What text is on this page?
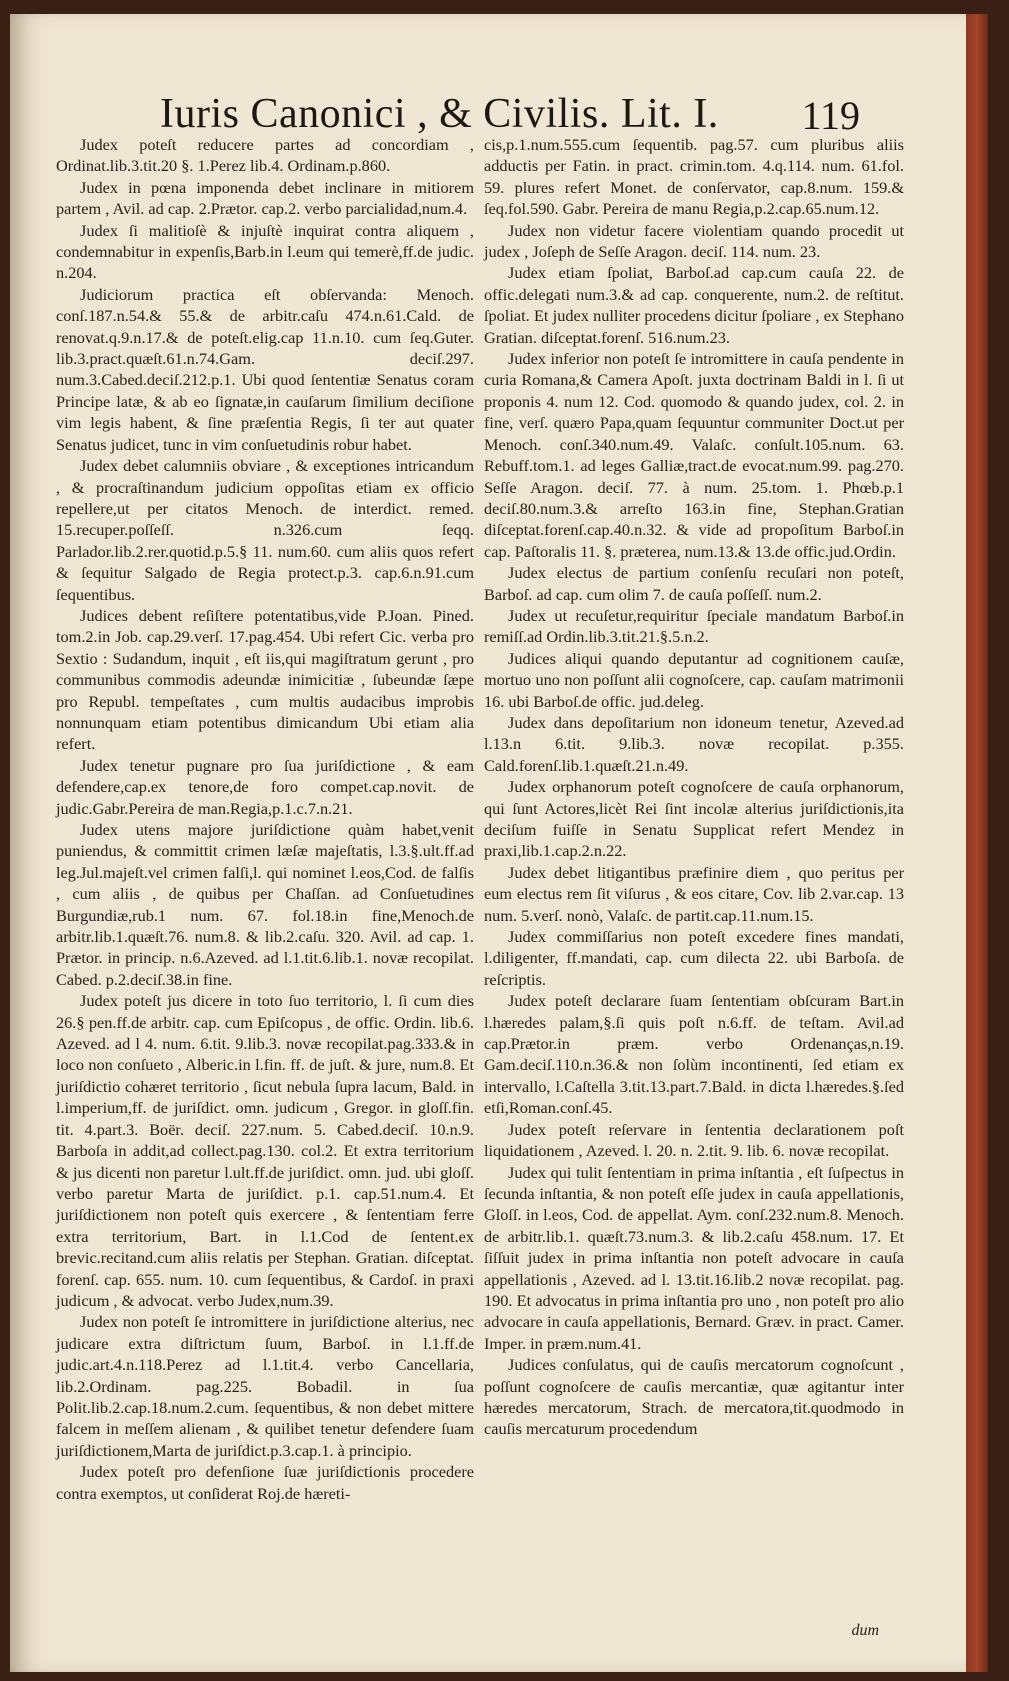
Iuris Canonici , & Civilis. Lit. I. 119

Judex poteſt reducere partes ad concordiam , Ordinat.lib.3.tit.20 §. 1.Perez lib.4. Ordinam.p.860.

Judex in pœna imponenda debet inclinare in mitiorem partem , Avil. ad cap. 2.Prætor. cap.2. verbo parcialidad,num.4.

Judex ſi malitioſè & injuſtè inquirat contra aliquem , condemnabitur in expenſis,Barb.in l.eum qui temerè,ff.de judic. n.204.

Judiciorum practica eſt obſervanda: Menoch. conſ.187.n.54.& 55.& de arbitr.caſu 474.n.61.Cald. de renovat.q.9.n.17.& de poteſt.elig.cap 11.n.10. cum ſeq.Guter. lib.3.pract.quæſt.61.n.74.Gam. deciſ.297. num.3.Cabed.deciſ.212.p.1. Ubi quod ſententiæ Senatus coram Principe latæ, & ab eo ſignatæ,in cauſarum ſimilium deciſione vim legis habent, & ſine præſentia Regis, ſi ter aut quater Senatus judicet, tunc in vim conſuetudinis robur habet.

Judex debet calumniis obviare , & exceptiones intricandum , & procraſtinandum judicium oppoſitas etiam ex officio repellere,ut per citatos Menoch. de interdict. remed. 15.recuper.poſſeſſ. n.326.cum ſeqq. Parlador.lib.2.rer.quotid.p.5.§ 11. num.60. cum aliis quos refert & ſequitur Salgado de Regia protect.p.3. cap.6.n.91.cum ſequentibus.

Judices debent reſiſtere potentatibus,vide P.Joan. Pined. tom.2.in Job. cap.29.verſ. 17.pag.454. Ubi refert Cic. verba pro Sextio : Sudandum, inquit , eſt iis,qui magiſtratum gerunt , pro communibus commodis adeundæ inimicitiæ , ſubeundæ ſæpe pro Republ. tempeſtates , cum multis audacibus improbis nonnunquam etiam potentibus dimicandum Ubi etiam alia refert.

Judex tenetur pugnare pro ſua juriſdictione , & eam defendere,cap.ex tenore,de foro compet.cap.novit. de judic.Gabr.Pereira de man.Regia,p.1.c.7.n.21.

Judex utens majore juriſdictione quàm habet,venit puniendus, & committit crimen læſæ majeſtatis, l.3.§.ult.ff.ad leg.Jul.majeſt.vel crimen falſi,l. qui nominet l.eos,Cod. de falſis , cum aliis , de quibus per Chaſſan. ad Conſuetudines Burgundiæ,rub.1 num. 67. fol.18.in fine,Menoch.de arbitr.lib.1.quæſt.76. num.8. & lib.2.caſu. 320. Avil. ad cap. 1. Prætor. in princip. n.6.Azeved. ad l.1.tit.6.lib.1. novæ recopilat. Cabed. p.2.deciſ.38.in fine.

Judex poteſt jus dicere in toto ſuo territorio, l. ſi cum dies 26.§ pen.ff.de arbitr. cap. cum Epiſcopus , de offic. Ordin. lib.6. Azeved. ad l 4. num. 6.tit. 9.lib.3. novæ recopilat.pag.333.& in loco non conſueto , Alberic.in l.fin. ff. de juſt. & jure, num.8. Et juriſdictio cohæret territorio , ſicut nebula ſupra lacum, Bald. in l.imperium,ff. de juriſdict. omn. judicum , Gregor. in gloſſ.fin. tit. 4.part.3. Boër. deciſ. 227.num. 5. Cabed.deciſ. 10.n.9. Barboſa in addit,ad collect.pag.130. col.2. Et extra territorium & jus dicenti non paretur l.ult.ff.de juriſdict. omn. jud. ubi gloſſ. verbo paretur Marta de juriſdict. p.1. cap.51.num.4. Et juriſdictionem non poteſt quis exercere , & ſententiam ferre extra territorium, Bart. in l.1.Cod de ſentent.ex brevic.recitand.cum aliis relatis per Stephan. Gratian. diſceptat. forenſ. cap. 655. num. 10. cum ſequentibus, & Cardoſ. in praxi judicum , & advocat. verbo Judex,num.39.

Judex non poteſt ſe intromittere in juriſdictione alterius, nec judicare extra diſtrictum ſuum, Barboſ. in l.1.ff.de judic.art.4.n.118.Perez ad l.1.tit.4. verbo Cancellaria, lib.2.Ordinam. pag.225. Bobadil. in ſua Polit.lib.2.cap.18.num.2.cum. ſequentibus, & non debet mittere falcem in meſſem alienam , & quilibet tenetur defendere ſuam juriſdictionem,Marta de juriſdict.p.3.cap.1. à principio.

Judex poteſt pro defenſione ſuæ juriſdictionis procedere contra exemptos, ut conſiderat Roj.de hæreti-

cis,p.1.num.555.cum ſequentib. pag.57. cum pluribus aliis adductis per Fatin. in pract. crimin.tom. 4.q.114. num. 61.fol. 59. plures refert Monet. de conſervator, cap.8.num. 159.& ſeq.fol.590. Gabr. Pereira de manu Regia,p.2.cap.65.num.12.

Judex non videtur facere violentiam quando procedit ut judex , Joſeph de Seſſe Aragon. deciſ. 114. num. 23.

Judex etiam ſpoliat, Barboſ.ad cap.cum cauſa 22. de offic.delegati num.3.& ad cap. conquerente, num.2. de reſtitut. ſpoliat. Et judex nulliter procedens dicitur ſpoliare , ex Stephano Gratian. diſceptat.forenſ. 516.num.23.

Judex inferior non poteſt ſe intromittere in cauſa pendente in curia Romana,& Camera Apoſt. juxta doctrinam Baldi in l. ſi ut proponis 4. num 12. Cod. quomodo & quando judex, col. 2. in fine, verſ. quæro Papa,quam ſequuntur communiter Doct.ut per Menoch. conſ.340.num.49. Valaſc. conſult.105.num. 63. Rebuff.tom.1. ad leges Galliæ,tract.de evocat.num.99. pag.270. Seſſe Aragon. deciſ. 77. à num. 25.tom. 1. Phœb.p.1 deciſ.80.num.3.& arreſto 163.in fine, Stephan.Gratian diſceptat.forenſ.cap.40.n.32. & vide ad propoſitum Barboſ.in cap. Paſtoralis 11. §. præterea, num.13.& 13.de offic.jud.Ordin.

Judex electus de partium conſenſu recuſari non poteſt, Barboſ. ad cap. cum olim 7. de cauſa poſſeſſ. num.2.

Judex ut recuſetur,requiritur ſpeciale mandatum Barboſ.in remiſſ.ad Ordin.lib.3.tit.21.§.5.n.2.

Judices aliqui quando deputantur ad cognitionem cauſæ, mortuo uno non poſſunt alii cognoſcere, cap. cauſam matrimonii 16. ubi Barboſ.de offic. jud.deleg.

Judex dans depoſitarium non idoneum tenetur, Azeved.ad l.13.n 6.tit. 9.lib.3. novæ recopilat. p.355. Cald.forenſ.lib.1.quæſt.21.n.49.

Judex orphanorum poteſt cognoſcere de cauſa orphanorum, qui ſunt Actores,licèt Rei ſint incolæ alterius juriſdictionis,ita deciſum fuiſſe in Senatu Supplicat refert Mendez in praxi,lib.1.cap.2.n.22.

Judex debet litigantibus præfinire diem , quo peritus per eum electus rem ſit viſurus , & eos citare, Cov. lib 2.var.cap. 13 num. 5.verſ. nonò, Valaſc. de partit.cap.11.num.15.

Judex commiſſarius non poteſt excedere fines mandati, l.diligenter, ff.mandati, cap. cum dilecta 22. ubi Barboſa. de reſcriptis.

Judex poteſt declarare ſuam ſententiam obſcuram Bart.in l.hæredes palam,§.ſi quis poſt n.6.ff. de teſtam. Avil.ad cap.Prætor.in præm. verbo Ordenanças,n.19. Gam.deciſ.110.n.36.& non ſolùm incontinenti, ſed etiam ex intervallo, l.Caſtella 3.tit.13.part.7.Bald. in dicta l.hæredes.§.ſed etſi,Roman.conſ.45.

Judex poteſt reſervare in ſententia declarationem poſt liquidationem , Azeved. l. 20. n. 2.tit. 9. lib. 6. novæ recopilat.

Judex qui tulit ſententiam in prima inſtantia , eſt ſuſpectus in ſecunda inſtantia, & non poteſt eſſe judex in cauſa appellationis, Gloſſ. in l.eos, Cod. de appellat. Aym. conſ.232.num.8. Menoch. de arbitr.lib.1. quæſt.73.num.3. & lib.2.caſu 458.num. 17. Et ſiſſuit judex in prima inſtantia non poteſt advocare in cauſa appellationis , Azeved. ad l. 13.tit.16.lib.2 novæ recopilat. pag. 190. Et advocatus in prima inſtantia pro uno , non poteſt pro alio advocare in cauſa appellationis, Bernard. Græv. in pract. Camer. Imper. in præm.num.41.

Judices conſulatus, qui de cauſis mercatorum cognoſcunt , poſſunt cognoſcere de cauſis mercantiæ, quæ agitantur inter hæredes mercatorum, Strach. de mercatora,tit.quodmodo in cauſis mercaturum procedendum

dum
